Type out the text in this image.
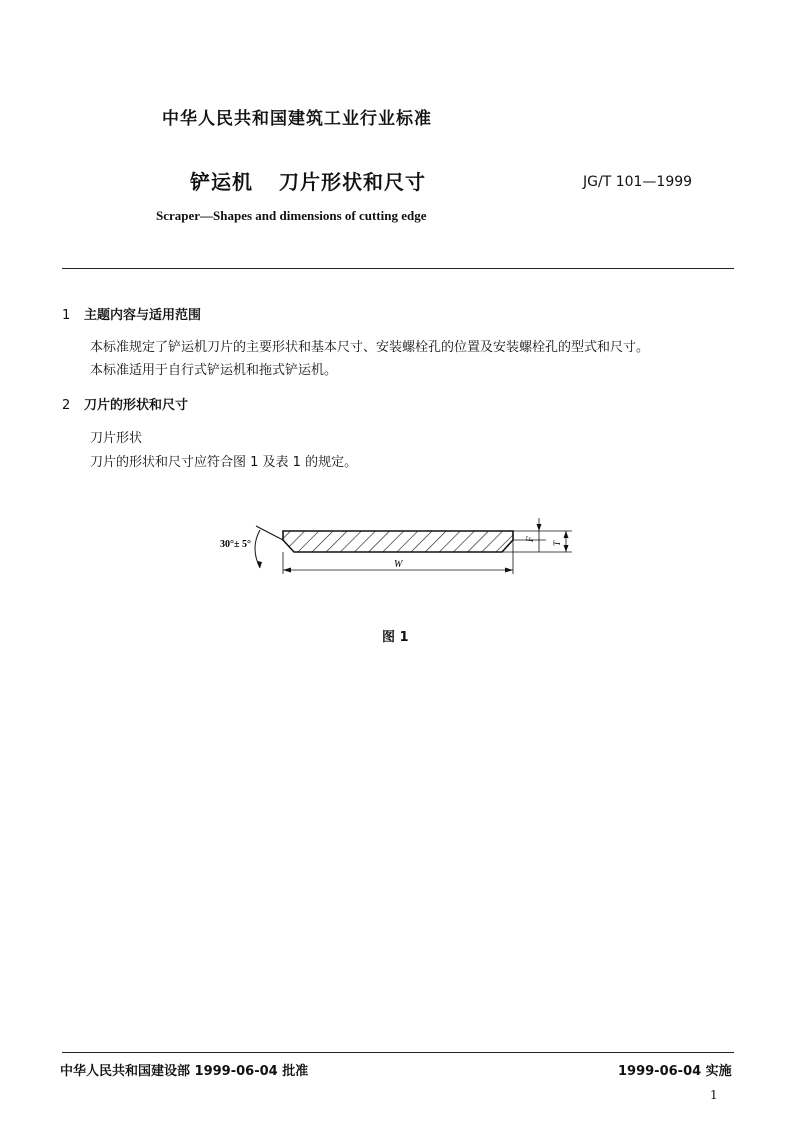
中华人民共和国建筑工业行业标准
铲运机 刀片形状和尺寸	JG/T 101—1999
Scraper—Shapes and dimensions of cutting edge
1 主题内容与适用范围
本标准规定了铲运机刀片的主要形状和基本尺寸、安装螺栓孔的位置及安装螺栓孔的型式和尺寸。
本标准适用于自行式铲运机和拖式铲运机。
2 刀片的形状和尺寸
刀片形状
刀片的形状和尺寸应符合图 1 及表 1 的规定。
30°± 5°
W
F
T
图 1
中华人民共和国建设部 1999-06-04 批准	1999-06-04 实施
1
